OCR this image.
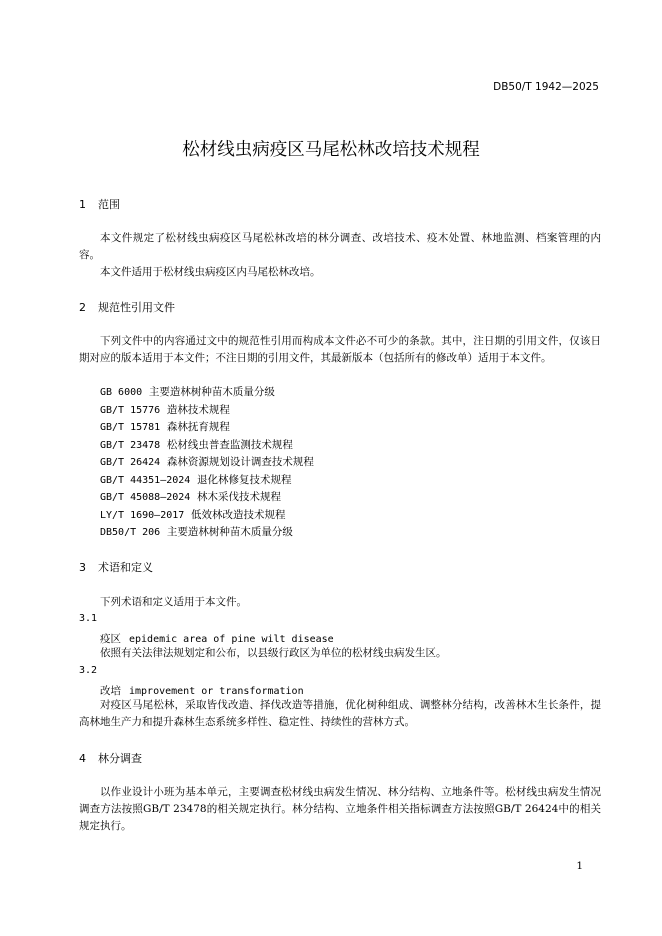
DB50/T 1942—2025
松材线虫病疫区马尾松林改培技术规程
1 范围
本文件规定了松材线虫病疫区马尾松林改培的林分调查、改培技术、疫木处置、林地监测、档案管理的内容。
本文件适用于松材线虫病疫区内马尾松林改培。
2 规范性引用文件
下列文件中的内容通过文中的规范性引用而构成本文件必不可少的条款。其中，注日期的引用文件，仅该日期对应的版本适用于本文件；不注日期的引用文件，其最新版本（包括所有的修改单）适用于本文件。
GB 6000 主要造林树种苗木质量分级
GB/T 15776 造林技术规程
GB/T 15781 森林抚育规程
GB/T 23478 松材线虫普查监测技术规程
GB/T 26424 森林资源规划设计调查技术规程
GB/T 44351—2024 退化林修复技术规程
GB/T 45088—2024 林木采伐技术规程
LY/T 1690—2017 低效林改造技术规程
DB50/T 206 主要造林树种苗木质量分级
3 术语和定义
下列术语和定义适用于本文件。
3.1
疫区 epidemic area of pine wilt disease
依照有关法律法规划定和公布，以县级行政区为单位的松材线虫病发生区。
3.2
改培 improvement or transformation
对疫区马尾松林，采取皆伐改造、择伐改造等措施，优化树种组成、调整林分结构，改善林木生长条件，提高林地生产力和提升森林生态系统多样性、稳定性、持续性的营林方式。
4 林分调查
以作业设计小班为基本单元，主要调查松材线虫病发生情况、林分结构、立地条件等。松材线虫病发生情况调查方法按照GB/T 23478的相关规定执行。林分结构、立地条件相关指标调查方法按照GB/T 26424中的相关规定执行。
1
